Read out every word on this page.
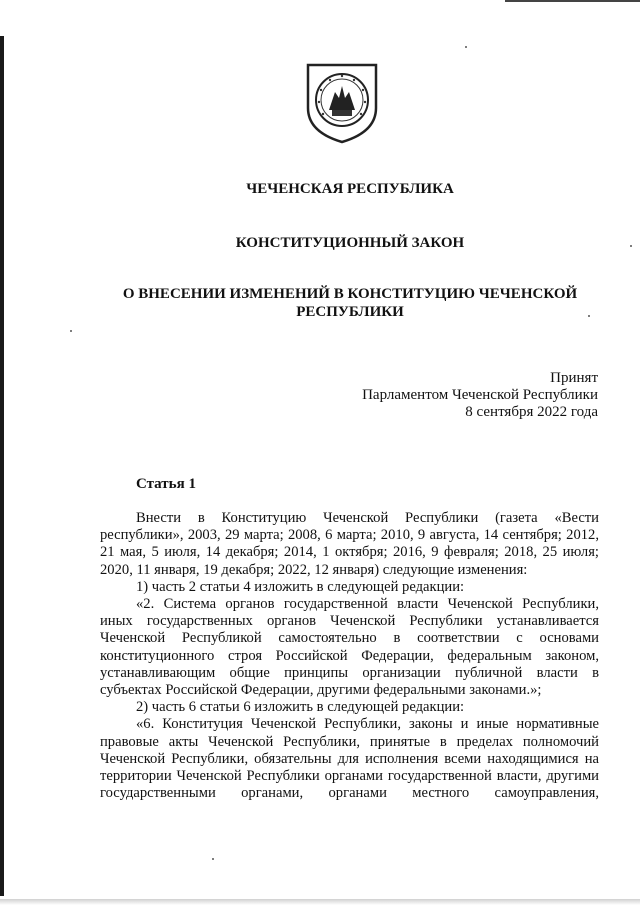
ЧЕЧЕНСКАЯ РЕСПУБЛИКА
КОНСТИТУЦИОННЫЙ ЗАКОН
О ВНЕСЕНИИ ИЗМЕНЕНИЙ В КОНСТИТУЦИЮ ЧЕЧЕНСКОЙ РЕСПУБЛИКИ
Принят
Парламентом Чеченской Республики
8 сентября 2022 года
Статья 1

Внести в Конституцию Чеченской Республики (газета «Вести республики», 2003, 29 марта; 2008, 6 марта; 2010, 9 августа, 14 сентября; 2012, 21 мая, 5 июля, 14 декабря; 2014, 1 октября; 2016, 9 февраля; 2018, 25 июля; 2020, 11 января, 19 декабря; 2022, 12 января) следующие изменения:

1) часть 2 статьи 4 изложить в следующей редакции:

«2. Система органов государственной власти Чеченской Республики, иных государственных органов Чеченской Республики устанавливается Чеченской Республикой самостоятельно в соответствии с основами конституционного строя Российской Федерации, федеральным законом, устанавливающим общие принципы организации публичной власти в субъектах Российской Федерации, другими федеральными законами.»;

2) часть 6 статьи 6 изложить в следующей редакции:

«6. Конституция Чеченской Республики, законы и иные нормативные правовые акты Чеченской Республики, принятые в пределах полномочий Чеченской Республики, обязательны для исполнения всеми находящимися на территории Чеченской Республики органами государственной власти, другими государственными органами, органами местного самоуправления,
